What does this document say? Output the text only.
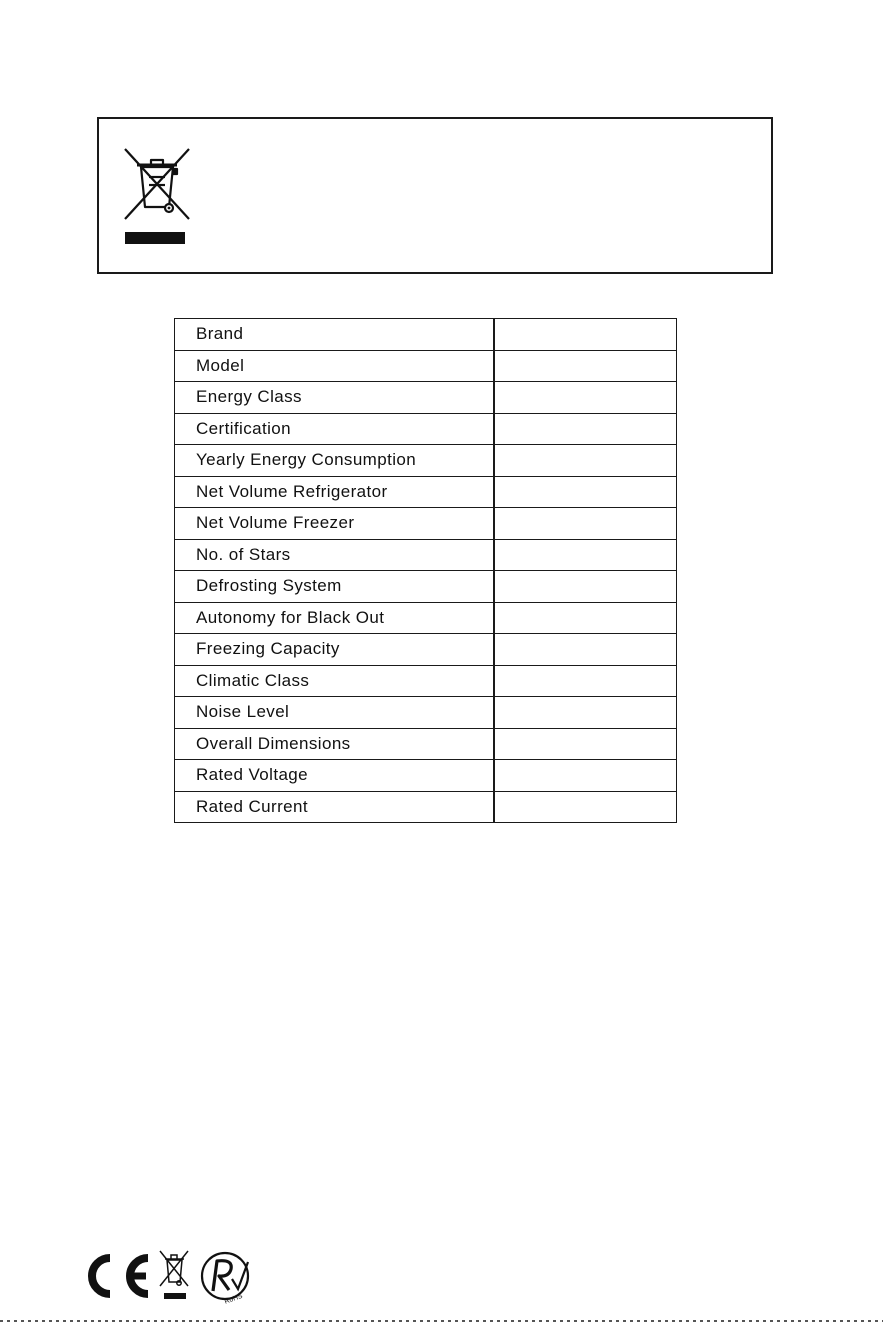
Brand	
Model	
Energy Class	
Certification	
Yearly Energy Consumption	
Net Volume Refrigerator	
Net Volume Freezer	
No. of Stars	
Defrosting System	
Autonomy for Black Out	
Freezing Capacity	
Climatic Class	
Noise Level	
Overall Dimensions	
Rated Voltage	
Rated Current	
RoHS
